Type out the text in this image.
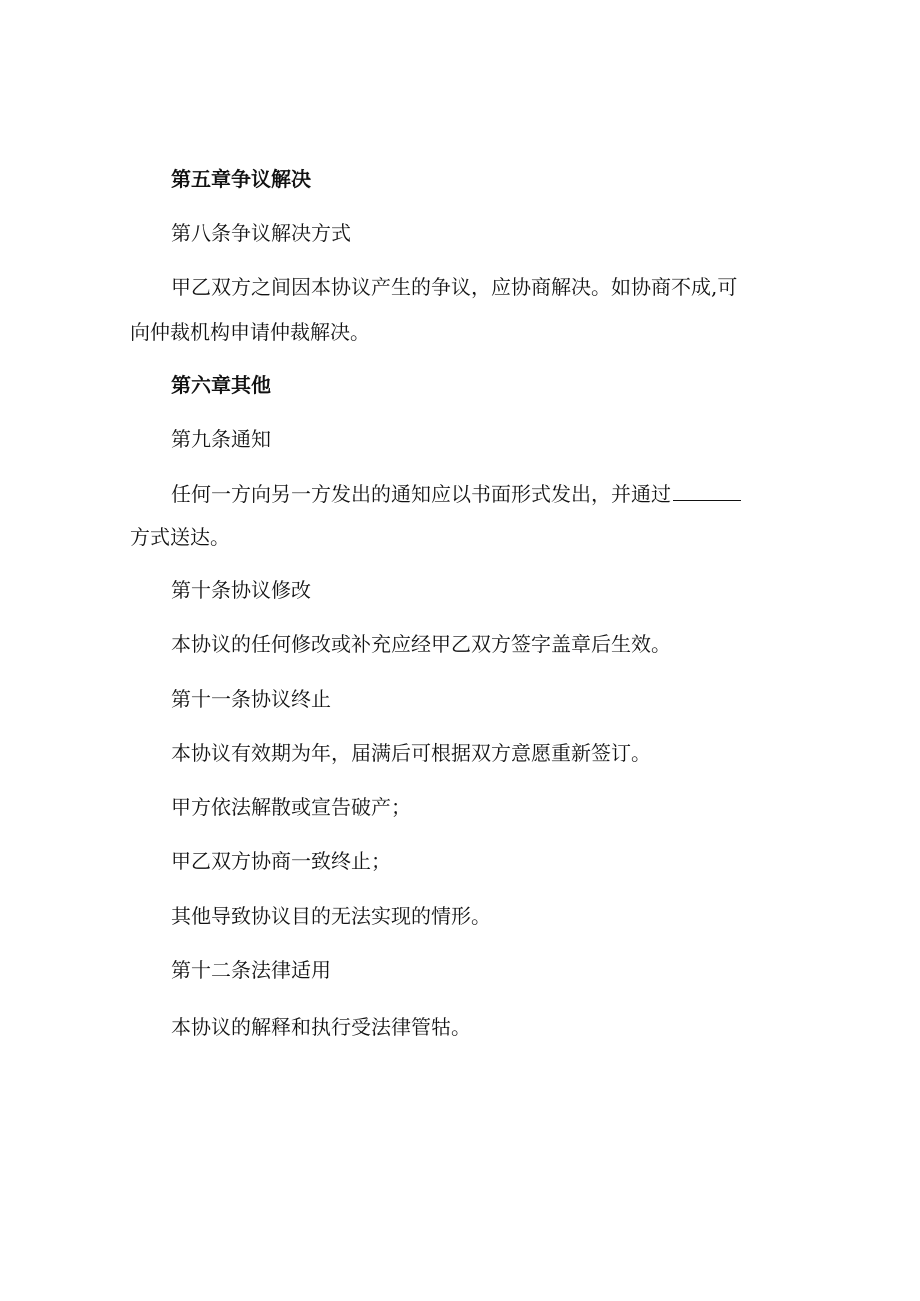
第五章争议解决
第八条争议解决方式
甲乙双方之间因本协议产生的争议，应协商解决。如协商不成,可
向仲裁机构申请仲裁解决。
第六章其他
第九条通知
任何一方向另一方发出的通知应以书面形式发出，并通过
方式送达。
第十条协议修改
本协议的任何修改或补充应经甲乙双方签字盖章后生效。
第十一条协议终止
本协议有效期为年，届满后可根据双方意愿重新签订。
甲方依法解散或宣告破产；
甲乙双方协商一致终止；
其他导致协议目的无法实现的情形。
第十二条法律适用
本协议的解释和执行受法律管牯。
